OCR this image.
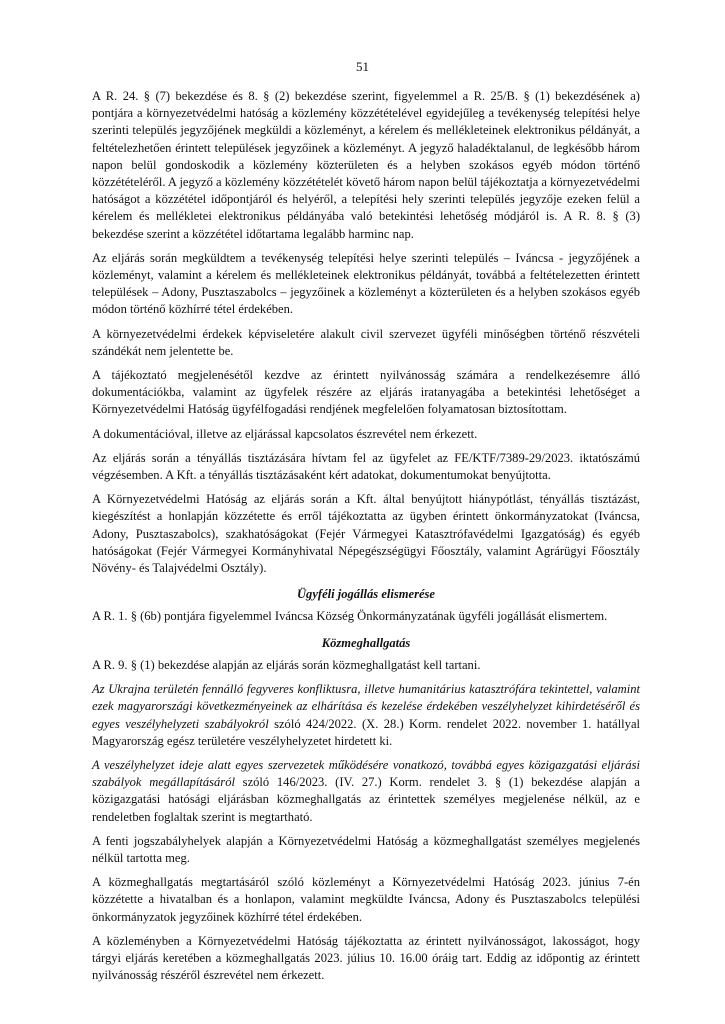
51

A R. 24. § (7) bekezdése és 8. § (2) bekezdése szerint, figyelemmel a R. 25/B. § (1) bekezdésének a) pontjára a környezetvédelmi hatóság a közlemény közzétételével egyidejűleg a tevékenység telepítési helye szerinti település jegyzőjének megküldi a közleményt, a kérelem és mellékleteinek elektronikus példányát, a feltételezhetően érintett települések jegyzőinek a közleményt. A jegyző haladéktalanul, de legkésőbb három napon belül gondoskodik a közlemény közterületen és a helyben szokásos egyéb módon történő közzétételéről. A jegyző a közlemény közzétételét követő három napon belül tájékoztatja a környezetvédelmi hatóságot a közzététel időpontjáról és helyéről, a telepítési hely szerinti település jegyzője ezeken felül a kérelem és mellékletei elektronikus példányába való betekintési lehetőség módjáról is. A R. 8. § (3) bekezdése szerint a közzététel időtartama legalább harminc nap.

Az eljárás során megküldtem a tevékenység telepítési helye szerinti település – Iváncsa - jegyzőjének a közleményt, valamint a kérelem és mellékleteinek elektronikus példányát, továbbá a feltételezetten érintett települések – Adony, Pusztaszabolcs – jegyzőinek a közleményt a közterületen és a helyben szokásos egyéb módon történő közhírré tétel érdekében.

A környezetvédelmi érdekek képviseletére alakult civil szervezet ügyféli minőségben történő részvételi szándékát nem jelentette be.

A tájékoztató megjelenésétől kezdve az érintett nyilvánosság számára a rendelkezésemre álló dokumentációkba, valamint az ügyfelek részére az eljárás iratanyagába a betekintési lehetőséget a Környezetvédelmi Hatóság ügyfélfogadási rendjének megfelelően folyamatosan biztosítottam.

A dokumentációval, illetve az eljárással kapcsolatos észrevétel nem érkezett.

Az eljárás során a tényállás tisztázására hívtam fel az ügyfelet az FE/KTF/7389-29/2023. iktatószámú végzésemben. A Kft. a tényállás tisztázásaként kért adatokat, dokumentumokat benyújtotta.

A Környezetvédelmi Hatóság az eljárás során a Kft. által benyújtott hiánypótlást, tényállás tisztázást, kiegészítést a honlapján közzétette és erről tájékoztatta az ügyben érintett önkormányzatokat (Iváncsa, Adony, Pusztaszabolcs), szakhatóságokat (Fejér Vármegyei Katasztrófavédelmi Igazgatóság) és egyéb hatóságokat (Fejér Vármegyei Kormányhivatal Népegészségügyi Főosztály, valamint Agrárügyi Főosztály Növény- és Talajvédelmi Osztály).

Ügyféli jogállás elismerése

A R. 1. § (6b) pontjára figyelemmel Iváncsa Község Önkormányzatának ügyféli jogállását elismertem.

Közmeghallgatás

A R. 9. § (1) bekezdése alapján az eljárás során közmeghallgatást kell tartani.

Az Ukrajna területén fennálló fegyveres konfliktusra, illetve humanitárius katasztrófára tekintettel, valamint ezek magyarországi következményeinek az elhárítása és kezelése érdekében veszélyhelyzet kihirdetéséről és egyes veszélyhelyzeti szabályokról szóló 424/2022. (X. 28.) Korm. rendelet 2022. november 1. hatállyal Magyarország egész területére veszélyhelyzetet hirdetett ki.

A veszélyhelyzet ideje alatt egyes szervezetek működésére vonatkozó, továbbá egyes közigazgatási eljárási szabályok megállapításáról szóló 146/2023. (IV. 27.) Korm. rendelet 3. § (1) bekezdése alapján a közigazgatási hatósági eljárásban közmeghallgatás az érintettek személyes megjelenése nélkül, az e rendeletben foglaltak szerint is megtartható.

A fenti jogszabályhelyek alapján a Környezetvédelmi Hatóság a közmeghallgatást személyes megjelenés nélkül tartotta meg.

A közmeghallgatás megtartásáról szóló közleményt a Környezetvédelmi Hatóság 2023. június 7-én közzétette a hivatalban és a honlapon, valamint megküldte Iváncsa, Adony és Pusztaszabolcs települési önkormányzatok jegyzőinek közhírré tétel érdekében.

A közleményben a Környezetvédelmi Hatóság tájékoztatta az érintett nyilvánosságot, lakosságot, hogy tárgyi eljárás keretében a közmeghallgatás 2023. július 10. 16.00 óráig tart. Eddig az időpontig az érintett nyilvánosság részéről észrevétel nem érkezett.
